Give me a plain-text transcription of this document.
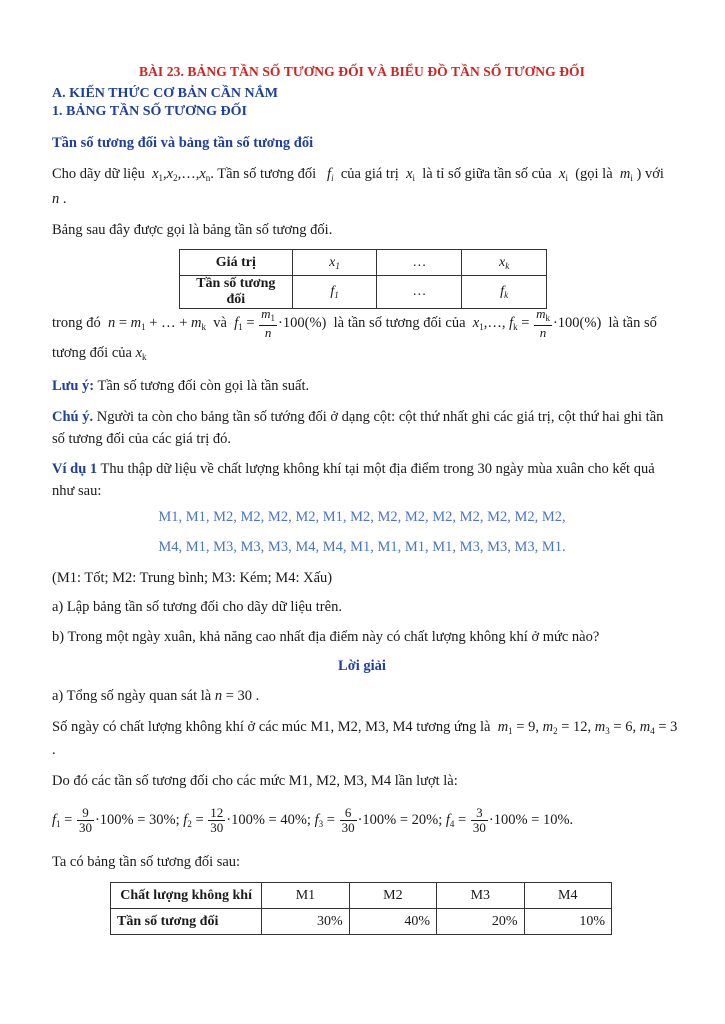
BÀI 23. BẢNG TẦN SỐ TƯƠNG ĐỐI VÀ BIỂU ĐỒ TẦN SỐ TƯƠNG ĐỐI
A. KIẾN THỨC CƠ BẢN CẦN NẮM
1. BẢNG TẦN SỐ TƯƠNG ĐỐI
Tần số tương đối và bảng tần số tương đối
Cho dãy dữ liệu $x_1,x_2,\dots,x_n$. Tần số tương đối $f_i$ của giá trị $x_i$ là tỉ số giữa tần số của $x_i$ (gọi là $m_i$ ) với
n .
Bảng sau đây được gọi là bảng tần số tương đối.
Giá trị	$x_1$	…	$x_k$
Tần số tương đối	$f_1$	…	$f_k$
trong đó $n = m_1$ + … + $m_k$ và $f_1 = \frac{m_1}{n} \cdot 100(\%)$  là tần số tương đối của $x_1,\dots$, $f_k = \frac{m_k}{n} \cdot 100(\%)$  là tần số
tương đối của $x_k$
Lưu ý: Tần số tương đối còn gọi là tần suất.
Chú ý. Người ta còn cho bảng tần số tướng đối ở dạng cột: cột thứ nhất ghi các giá trị, cột thứ hai ghi tần số tương đối của các giá trị đó.
Ví dụ 1 Thu thập dữ liệu về chất lượng không khí tại một địa điểm trong 30 ngày mùa xuân cho kết quả như sau:
M1, M1, M2, M2, M2, M2, M1, M2, M2, M2, M2, M2, M2, M2, M2,
M4, M1, M3, M3, M3, M4, M4, M1, M1, M1, M1, M3, M3, M3, M1.
(M1: Tốt; M2: Trung bình; M3: Kém; M4: Xấu)
a) Lập bảng tần số tương đối cho dãy dữ liệu trên.
b) Trong một ngày xuân, khả năng cao nhất địa điểm này có chất lượng không khí ở mức nào?
Lời giải
a) Tổng số ngày quan sát là n = 30 .
Số ngày có chất lượng không khí ở các múc M1, M2, M3, M4 tương ứng là $m_1 = 9$, $m_2 = 12$, $m_3 = 6$, $m_4 = 3$
.
Do đó các tần số tương đối cho các mức M1, M2, M3, M4 lần lượt là:
$f_1 = \frac{9}{30} \cdot 100\% = 30\%$; $f_2 = \frac{12}{30} \cdot 100\% = 40\%$; $f_3 = \frac{6}{30} \cdot 100\% = 20\%$; $f_4 = \frac{3}{30} \cdot 100\% = 10\%$.
Ta có bảng tần số tương đối sau:
Chất lượng không khí	M1	M2	M3	M4
Tần số tương đối	30%	40%	20%	10%
